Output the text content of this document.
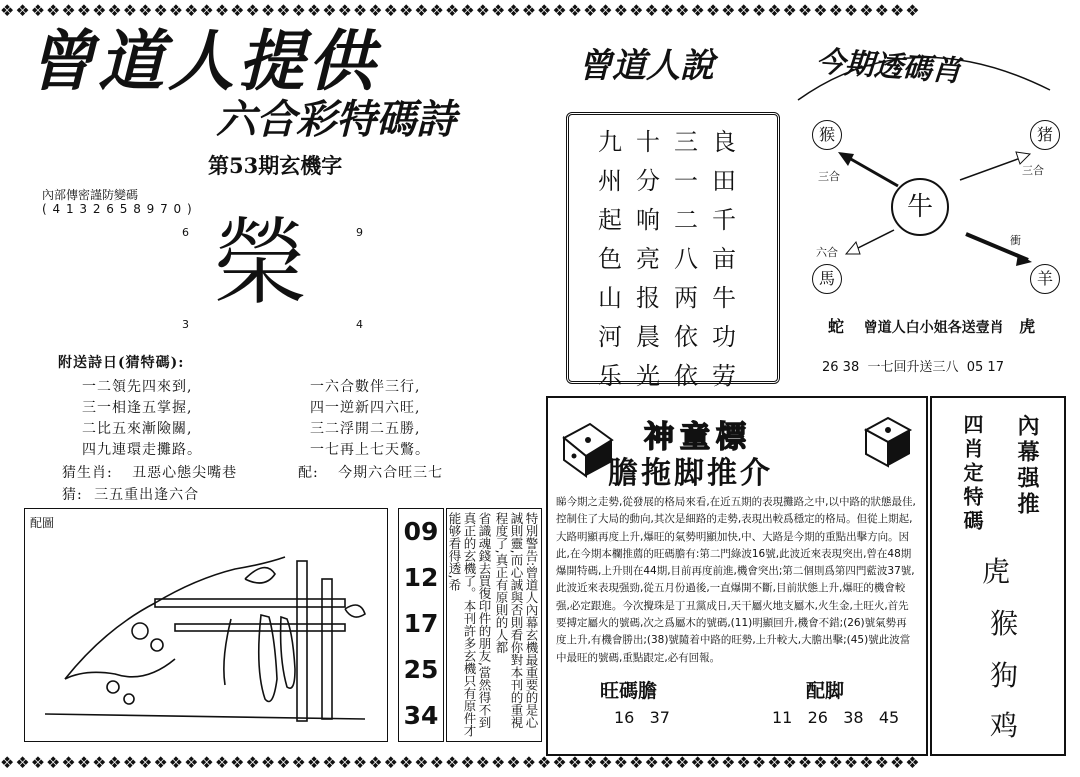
❖❖❖❖❖❖❖❖❖❖❖❖❖❖❖❖❖❖❖❖❖❖❖❖❖❖❖❖❖❖❖❖❖❖❖❖❖❖❖❖❖❖❖❖❖❖❖❖❖❖❖❖❖❖❖❖❖❖❖❖
❖❖❖❖❖❖❖❖❖❖❖❖❖❖❖❖❖❖❖❖❖❖❖❖❖❖❖❖❖❖❖❖❖❖❖❖❖❖❖❖❖❖❖❖❖❖❖❖❖❖❖❖❖❖❖❖❖❖❖❖
曾道人提供
六合彩特碼詩
第53期玄機字
內部傳密謹防變碼
( 4 1 3 2 6 5 8 9 7 0 )
6	9
3	4
榮
附送詩日(猜特碼):
一二領先四來到,
三一相逢五掌握,
二比五來漸險關,
四九連環走攤路。
一六合數伴三行,
四一逆新四六旺,
三二浮開二五勝,
一七再上七天鷩。
猜生肖: 丑惡心態尖嘴巷	配: 今期六合旺三七
猜: 三五重出逢六合
配圖	09
12
17
25
34	特別警告:曾道人內幕玄機最重要的是心誠則靈,而心誠與否則看你對本刊的重視程度了,真正有原則的人都
省識魂錢去買復印件的朋友,當然得不到真正的玄機了。本刊許多玄機只有原件才能够看得透,希
曾道人說
九 十 三 良
州 分 一 田
起 响 二 千
色 亮 八 亩
山 报 两 牛
河 晨 依 功
乐 光 依 劳
今期透碼肖
牛
猴	猪
馬	羊
三合	三合
六合
衝
蛇 曾道人白小姐各送壹肖 虎
26 38  一七回升送三八  05 17
神童標
膽拖脚推介
睇今期之走勢,從發展的格局來看,在近五期的表現攤路之中,以中路的狀態最佳,控制住了大局的動向,其次是細路的走勢,表現出較爲穩定的格局。但從上期起,大路明顯再度上升,爆旺的氣勢明顯加快,中、大路是今期的重點出擊方向。因此,在今期本欄推薦的旺碼膽有:第二門綠波16號,此波近來表現突出,曾在48期爆開特碼,上升則在44期,目前再度前進,機會突出;第二個則爲第四門藍波37號,此波近來表現强勁,從五月份過後,一直爆開不斷,目前狀態上升,爆旺的機會較强,必定跟進。今次攪珠是丁丑黨成日,天干屬火地支屬木,火生金,土旺火,首先要搏定屬火的號碼,次之爲屬木的號碼,(11)明顯回升,機會不錯;(26)號氣勢再度上升,有機會勝出;(38)號隨着中路的旺勢,上升較大,大膽出擊;(45)號此波當中最旺的號碼,重點跟定,必有回報。
旺碼膽
16   37
配脚
11   26   38   45
內幕强推
四肖定特碼
虎
猴
狗
鸡
